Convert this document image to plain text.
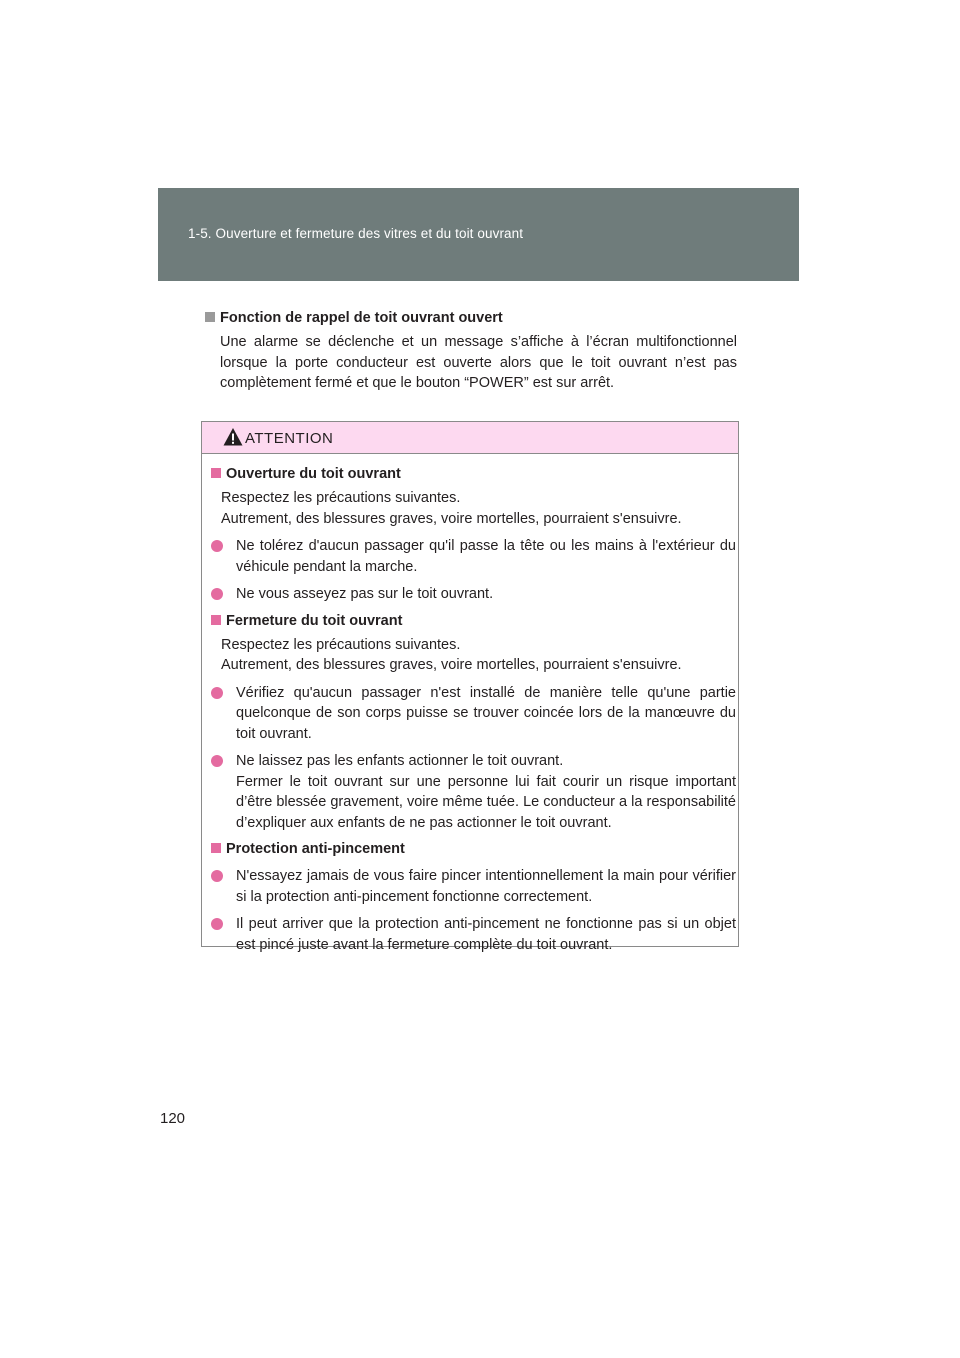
1-5. Ouverture et fermeture des vitres et du toit ouvrant
Fonction de rappel de toit ouvrant ouvert
Une alarme se déclenche et un message s’affiche à l’écran multifonctionnel lorsque la porte conducteur est ouverte alors que le toit ouvrant n’est pas complètement fermé et que le bouton “POWER” est sur arrêt.
ATTENTION
Ouverture du toit ouvrant
Respectez les précautions suivantes.
Autrement, des blessures graves, voire mortelles, pourraient s'ensuivre.
Ne tolérez d'aucun passager qu'il passe la tête ou les mains à l'extérieur du véhicule pendant la marche.
Ne vous asseyez pas sur le toit ouvrant.
Fermeture du toit ouvrant
Respectez les précautions suivantes.
Autrement, des blessures graves, voire mortelles, pourraient s'ensuivre.
Vérifiez qu'aucun passager n'est installé de manière telle qu'une partie quelconque de son corps puisse se trouver coincée lors de la manœuvre du toit ouvrant.
Ne laissez pas les enfants actionner le toit ouvrant.
Fermer le toit ouvrant sur une personne lui fait courir un risque important d’être blessée gravement, voire même tuée. Le conducteur a la responsabilité d’expliquer aux enfants de ne pas actionner le toit ouvrant.
Protection anti-pincement
N'essayez jamais de vous faire pincer intentionnellement la main pour vérifier si la protection anti-pincement fonctionne correctement.
Il peut arriver que la protection anti-pincement ne fonctionne pas si un objet est pincé juste avant la fermeture complète du toit ouvrant.
120
